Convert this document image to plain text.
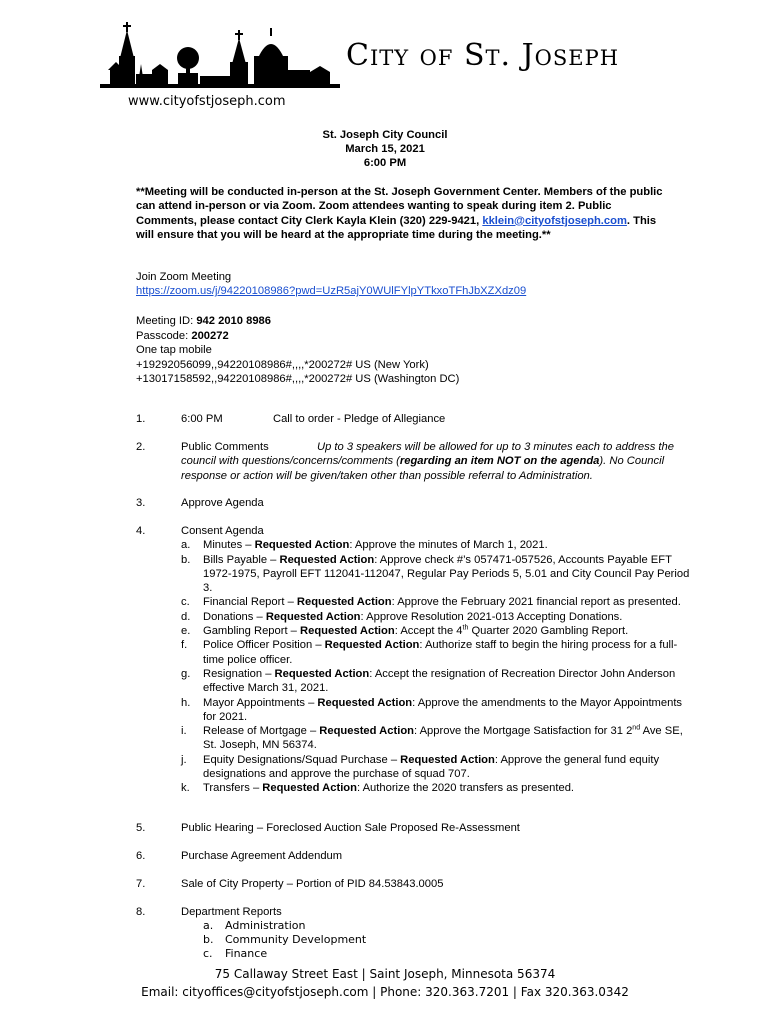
City of St. Joseph
www.cityofstjoseph.com
St. Joseph City Council
March 15, 2021
6:00 PM
**Meeting will be conducted in-person at the St. Joseph Government Center. Members of the public can attend in-person or via Zoom. Zoom attendees wanting to speak during item 2. Public Comments, please contact City Clerk Kayla Klein (320) 229-9421, kklein@cityofstjoseph.com. This will ensure that you will be heard at the appropriate time during the meeting.**
Join Zoom Meeting
https://zoom.us/j/94220108986?pwd=UzR5ajY0WUlFYlpYTkxoTFhJbXZXdz09
Meeting ID: 942 2010 8986
Passcode: 200272
One tap mobile
+19292056099,,94220108986#,,,,*200272# US (New York)
+13017158592,,94220108986#,,,,*200272# US (Washington DC)
1.	6:00 PM	Call to order - Pledge of Allegiance
2.	Public Comments	Up to 3 speakers will be allowed for up to 3 minutes each to address the council with questions/concerns/comments (regarding an item NOT on the agenda). No Council response or action will be given/taken other than possible referral to Administration.
3.	Approve Agenda
4.	Consent Agenda
a. Minutes – Requested Action: Approve the minutes of March 1, 2021.
b. Bills Payable – Requested Action: Approve check #’s 057471-057526, Accounts Payable EFT 1972-1975, Payroll EFT 112041-112047, Regular Pay Periods 5, 5.01 and City Council Pay Period 3.
c. Financial Report – Requested Action: Approve the February 2021 financial report as presented.
d. Donations – Requested Action: Approve Resolution 2021-013 Accepting Donations.
e. Gambling Report – Requested Action: Accept the 4th Quarter 2020 Gambling Report.
f. Police Officer Position – Requested Action: Authorize staff to begin the hiring process for a full-time police officer.
g. Resignation – Requested Action: Accept the resignation of Recreation Director John Anderson effective March 31, 2021.
h. Mayor Appointments – Requested Action: Approve the amendments to the Mayor Appointments for 2021.
i. Release of Mortgage – Requested Action: Approve the Mortgage Satisfaction for 31 2nd Ave SE, St. Joseph, MN 56374.
j. Equity Designations/Squad Purchase – Requested Action: Approve the general fund equity designations and approve the purchase of squad 707.
k. Transfers – Requested Action: Authorize the 2020 transfers as presented.
5.	Public Hearing – Foreclosed Auction Sale Proposed Re-Assessment
6.	Purchase Agreement Addendum
7.	Sale of City Property – Portion of PID 84.53843.0005
8.	Department Reports
a. Administration
b. Community Development
c. Finance
75 Callaway Street East | Saint Joseph, Minnesota 56374
Email: cityoffices@cityofstjoseph.com | Phone: 320.363.7201 | Fax 320.363.0342
